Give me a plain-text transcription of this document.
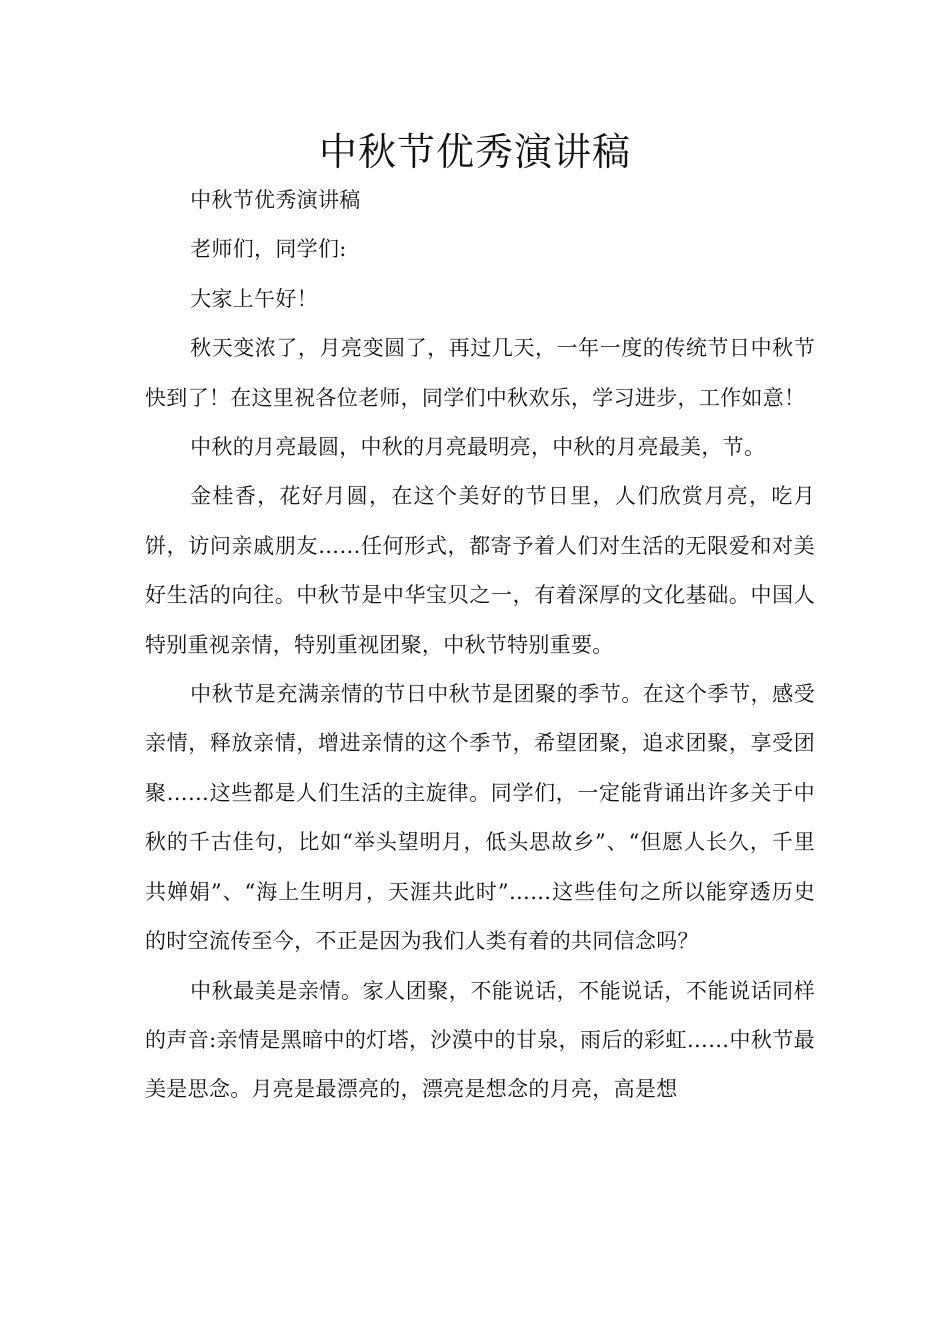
中秋节优秀演讲稿

中秋节优秀演讲稿

老师们，同学们:

大家上午好！

秋天变浓了，月亮变圆了，再过几天，一年一度的传统节日中秋节快到了！在这里祝各位老师，同学们中秋欢乐，学习进步，工作如意！

中秋的月亮最圆，中秋的月亮最明亮，中秋的月亮最美，节。

金桂香，花好月圆，在这个美好的节日里，人们欣赏月亮，吃月饼，访问亲戚朋友……任何形式，都寄予着人们对生活的无限爱和对美好生活的向往。中秋节是中华宝贝之一，有着深厚的文化基础。中国人特别重视亲情，特别重视团聚，中秋节特别重要。

中秋节是充满亲情的节日中秋节是团聚的季节。在这个季节，感受亲情，释放亲情，增进亲情的这个季节，希望团聚，追求团聚，享受团聚……这些都是人们生活的主旋律。同学们，一定能背诵出许多关于中秋的千古佳句，比如“举头望明月，低头思故乡”、“但愿人长久，千里共婵娟”、“海上生明月，天涯共此时”……这些佳句之所以能穿透历史的时空流传至今，不正是因为我们人类有着的共同信念吗？

中秋最美是亲情。家人团聚，不能说话，不能说话，不能说话同样的声音:亲情是黑暗中的灯塔，沙漠中的甘泉，雨后的彩虹……中秋节最美是思念。月亮是最漂亮的，漂亮是想念的月亮，高是想
